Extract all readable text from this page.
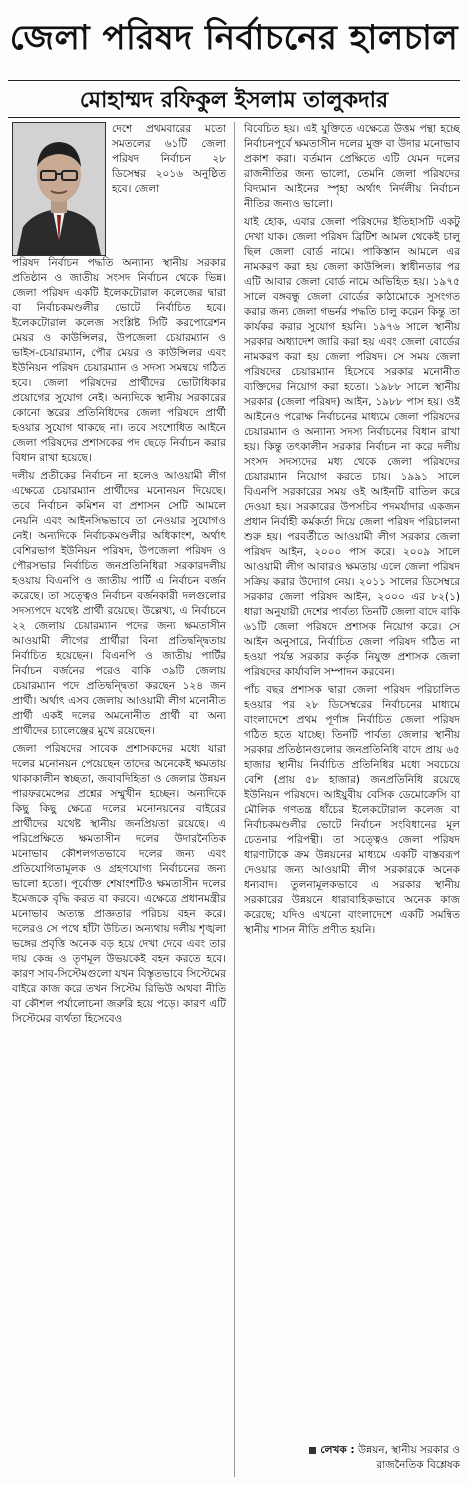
জেলা পরিষদ নির্বাচনের হালচাল
মোহাম্মদ রফিকুল ইসলাম তালুকদার

দেশে প্রথমবারের মতো সমতলের ৬১টি জেলা পরিষদ নির্বাচন ২৮ ডিসেম্বর ২০১৬ অনুষ্ঠিত হবে। জেলা

পরিষদ নির্বাচন পদ্ধতি অন্যান্য স্থানীয় সরকার প্রতিষ্ঠান ও জাতীয় সংসদ নির্বাচন থেকে ভিন্ন। জেলা পরিষদ একটি ইলেকটোরাল কলেজের দ্বারা বা নির্বাচকমণ্ডলীর ভোটে নির্বাচিত হবে। ইলেকটোরাল কলেজ সংশ্লিষ্ট সিটি করপোরেশন মেয়র ও কাউন্সিলর, উপজেলা চেয়ারম্যান ও ভাইস-চেয়ারম্যান, পৌর মেয়র ও কাউন্সিলর এবং ইউনিয়ন পরিষদ চেয়ারম্যান ও সদস্য সমন্বয়ে গঠিত হবে। জেলা পরিষদের প্রার্থীদের ভোটাধিকার প্রয়োগের সুযোগ নেই। অন্যদিকে স্থানীয় সরকারের কোনো স্তরের প্রতিনিধিদের জেলা পরিষদে প্রার্থী হওয়ার সুযোগ থাকছে না। তবে সংশোধিত আইনে জেলা পরিষদের প্রশাসকের পদ ছেড়ে নির্বাচন করার বিধান রাখা হয়েছে।

দলীয় প্রতীকের নির্বাচন না হলেও আওয়ামী লীগ এক্ষেত্রে চেয়ারম্যান প্রার্থীদের মনোনয়ন দিয়েছে। তবে নির্বাচন কমিশন বা প্রশাসন সেটি আমলে নেয়নি এবং আইনসিদ্ধভাবে তা নেওয়ার সুযোগও নেই। অন্যদিকে নির্বাচকমণ্ডলীর অধিকাংশ, অর্থাৎ বেশিরভাগ ইউনিয়ন পরিষদ, উপজেলা পরিষদ ও পৌরসভার নির্বাচিত জনপ্রতিনিধিরা সরকারদলীয় হওয়ায় বিএনপি ও জাতীয় পার্টি এ নির্বাচন বর্জন করেছে। তা সত্ত্বেও নির্বাচন বর্জনকারী দলগুলোর সদস্যপদে যথেষ্ট প্রার্থী রয়েছে। উল্লেখ্য, এ নির্বাচনে ২২ জেলায় চেয়ারম্যান পদের জন্য ক্ষমতাসীন আওয়ামী লীগের প্রার্থীরা বিনা প্রতিদ্বন্দ্বিতায় নির্বাচিত হয়েছেন। বিএনপি ও জাতীয় পার্টির নির্বাচন বর্জনের পরেও বাকি ৩৯টি জেলায় চেয়ারম্যান পদে প্রতিদ্বন্দ্বিতা করছেন ১২৪ জন প্রার্থী। অর্থাৎ এসব জেলায় আওয়ামী লীগ মনোনীত প্রার্থী একই দলের অমনোনীত প্রার্থী বা অন্য প্রার্থীদের চ্যালেঞ্জের মুখে রয়েছেন।

জেলা পরিষদের সাবেক প্রশাসকদের মধ্যে যারা দলের মনোনয়ন পেয়েছেন তাদের অনেকেই ক্ষমতায় থাকাকালীন স্বচ্ছতা, জবাবদিহিতা ও জেলার উন্নয়ন পারফরমেন্সের প্রশ্নের সম্মুখীন হচ্ছেন। অন্যদিকে কিছু কিছু ক্ষেত্রে দলের মনোনয়নের বাইরের প্রার্থীদের যথেষ্ট স্থানীয় জনপ্রিয়তা রয়েছে। এ পরিপ্রেক্ষিতে ক্ষমতাসীন দলের উদারনৈতিক মনোভাব কৌশলগতভাবে দলের জন্য এবং প্রতিযোগিতামূলক ও গ্রহণযোগ্য নির্বাচনের জন্য ভালো হতো। পূর্বোক্ত শেষাংশটিও ক্ষমতাসীন দলের ইমেজকে বৃদ্ধি করত বা করবে। এক্ষেত্রে প্রধানমন্ত্রীর মনোভাব অত্যন্ত প্রাজ্ঞতার পরিচয় বহন করে। দলেরও সে পথে হাঁটা উচিত। অন্যথায় দলীয় শৃঙ্খলা ভঙ্গের প্রবৃত্তি অনেক বড় হয়ে দেখা দেবে এবং তার দায় কেন্দ্র ও তৃণমূল উভয়কেই বহন করতে হবে। কারণ সাব-সিস্টেমগুলো যখন বিস্তৃতভাবে সিস্টেমের বাইরে কাজ করে তখন সিস্টেম রিভিউ অথবা নীতি বা কৌশল পর্যালোচনা জরুরি হয়ে পড়ে। কারণ এটি সিস্টেমের ব্যর্থতা হিসেবেও

বিবেচিত হয়। এই যুক্তিতে এক্ষেত্রে উত্তম পন্থা হচ্ছে নির্বাচনপূর্বে ক্ষমতাসীন দলের মুক্ত বা উদার মনোভাব প্রকাশ করা। বর্তমান প্রেক্ষিতে এটি যেমন দলের রাজনীতির জন্য ভালো, তেমনি জেলা পরিষদের বিদ্যমান আইনের স্পৃহা অর্থাৎ নির্দলীয় নির্বাচন নীতির জন্যও ভালো।

যাই হোক, এবার জেলা পরিষদের ইতিহাসটি একটু দেখা যাক। জেলা পরিষদ ব্রিটিশ আমল থেকেই চালু ছিল জেলা বোর্ড নামে। পাকিস্তান আমলে এর নামকরণ করা হয় জেলা কাউন্সিল। স্বাধীনতার পর এটি আবার জেলা বোর্ড নামে অভিহিত হয়। ১৯৭৫ সালে বঙ্গবন্ধু জেলা বোর্ডের কাঠামোকে সুসংগত করার জন্য জেলা গভর্নর পদ্ধতি চালু করেন কিন্তু তা কার্যকর করার সুযোগ হয়নি। ১৯৭৬ সালে স্থানীয় সরকার অধ্যাদেশ জারি করা হয় এবং জেলা বোর্ডের নামকরণ করা হয় জেলা পরিষদ। সে সময় জেলা পরিষদের চেয়ারম্যান হিসেবে সরকার মনোনীত ব্যক্তিদের নিয়োগ করা হতো। ১৯৮৮ সালে স্থানীয় সরকার (জেলা পরিষদ) আইন, ১৯৮৮ পাস হয়। ওই আইনেও পরোক্ষ নির্বাচনের মাধ্যমে জেলা পরিষদের চেয়ারম্যান ও অন্যান্য সদস্য নির্বাচনের বিধান রাখা হয়। কিন্তু তৎকালীন সরকার নির্বাচন না করে দলীয় সংসদ সদস্যদের মধ্য থেকে জেলা পরিষদের চেয়ারম্যান নিয়োগ করতে চায়। ১৯৯১ সালে বিএনপি সরকারের সময় ওই আইনটি বাতিল করে দেওয়া হয়। সরকারের উপসচিব পদমর্যাদার একজন প্রধান নির্বাহী কর্মকর্তা দিয়ে জেলা পরিষদ পরিচালনা শুরু হয়। পরবর্তীতে আওয়ামী লীগ সরকার জেলা পরিষদ আইন, ২০০০ পাস করে। ২০০৯ সালে আওয়ামী লীগ আবারও ক্ষমতায় এলে জেলা পরিষদ সক্রিয় করার উদ্যোগ নেয়। ২০১১ সালের ডিসেম্বরে সরকার জেলা পরিষদ আইন, ২০০০ এর ৮২(১) ধারা অনুযায়ী দেশের পার্বত্য তিনটি জেলা বাদে বাকি ৬১টি জেলা পরিষদে প্রশাসক নিয়োগ করে। সে আইন অনুসারে, নির্বাচিত জেলা পরিষদ গঠিত না হওয়া পর্যন্ত সরকার কর্তৃক নিযুক্ত প্রশাসক জেলা পরিষদের কার্যাবলি সম্পাদন করবেন।

পাঁচ বছর প্রশাসক দ্বারা জেলা পরিষদ পরিচালিত হওয়ার পর ২৮ ডিসেম্বরের নির্বাচনের মাধ্যমে বাংলাদেশে প্রথম পূর্ণাঙ্গ নির্বাচিত জেলা পরিষদ গঠিত হতে যাচ্ছে। তিনটি পার্বত্য জেলার স্থানীয় সরকার প্রতিষ্ঠানগুলোর জনপ্রতিনিধি বাদে প্রায় ৬৫ হাজার স্থানীয় নির্বাচিত প্রতিনিধির মধ্যে সবচেয়ে বেশি (প্রায় ৫৮ হাজার) জনপ্রতিনিধি রয়েছে ইউনিয়ন পরিষদে। আইয়ুবীয় বেসিক ডেমোক্রেসি বা মৌলিক গণতন্ত্র ধাঁচের ইলেকটোরাল কলেজ বা নির্বাচকমণ্ডলীর ভোটে নির্বাচন সংবিধানের মূল চেতনার পরিপন্থী। তা সত্ত্বেও জেলা পরিষদ ধারণাটাকে ক্রম উন্নয়নের মাধ্যমে একটি বাস্তবরূপ দেওয়ার জন্য আওয়ামী লীগ সরকারকে অনেক ধন্যবাদ। তুলনামূলকভাবে এ সরকার স্থানীয় সরকারের উন্নয়নে ধারাবাহিকভাবে অনেক কাজ করেছে; যদিও এখনো বাংলাদেশে একটি সমন্বিত স্থানীয় শাসন নীতি প্রণীত হয়নি।

লেখক : উন্নয়ন, স্থানীয় সরকার ও
রাজনৈতিক বিশ্লেষক
